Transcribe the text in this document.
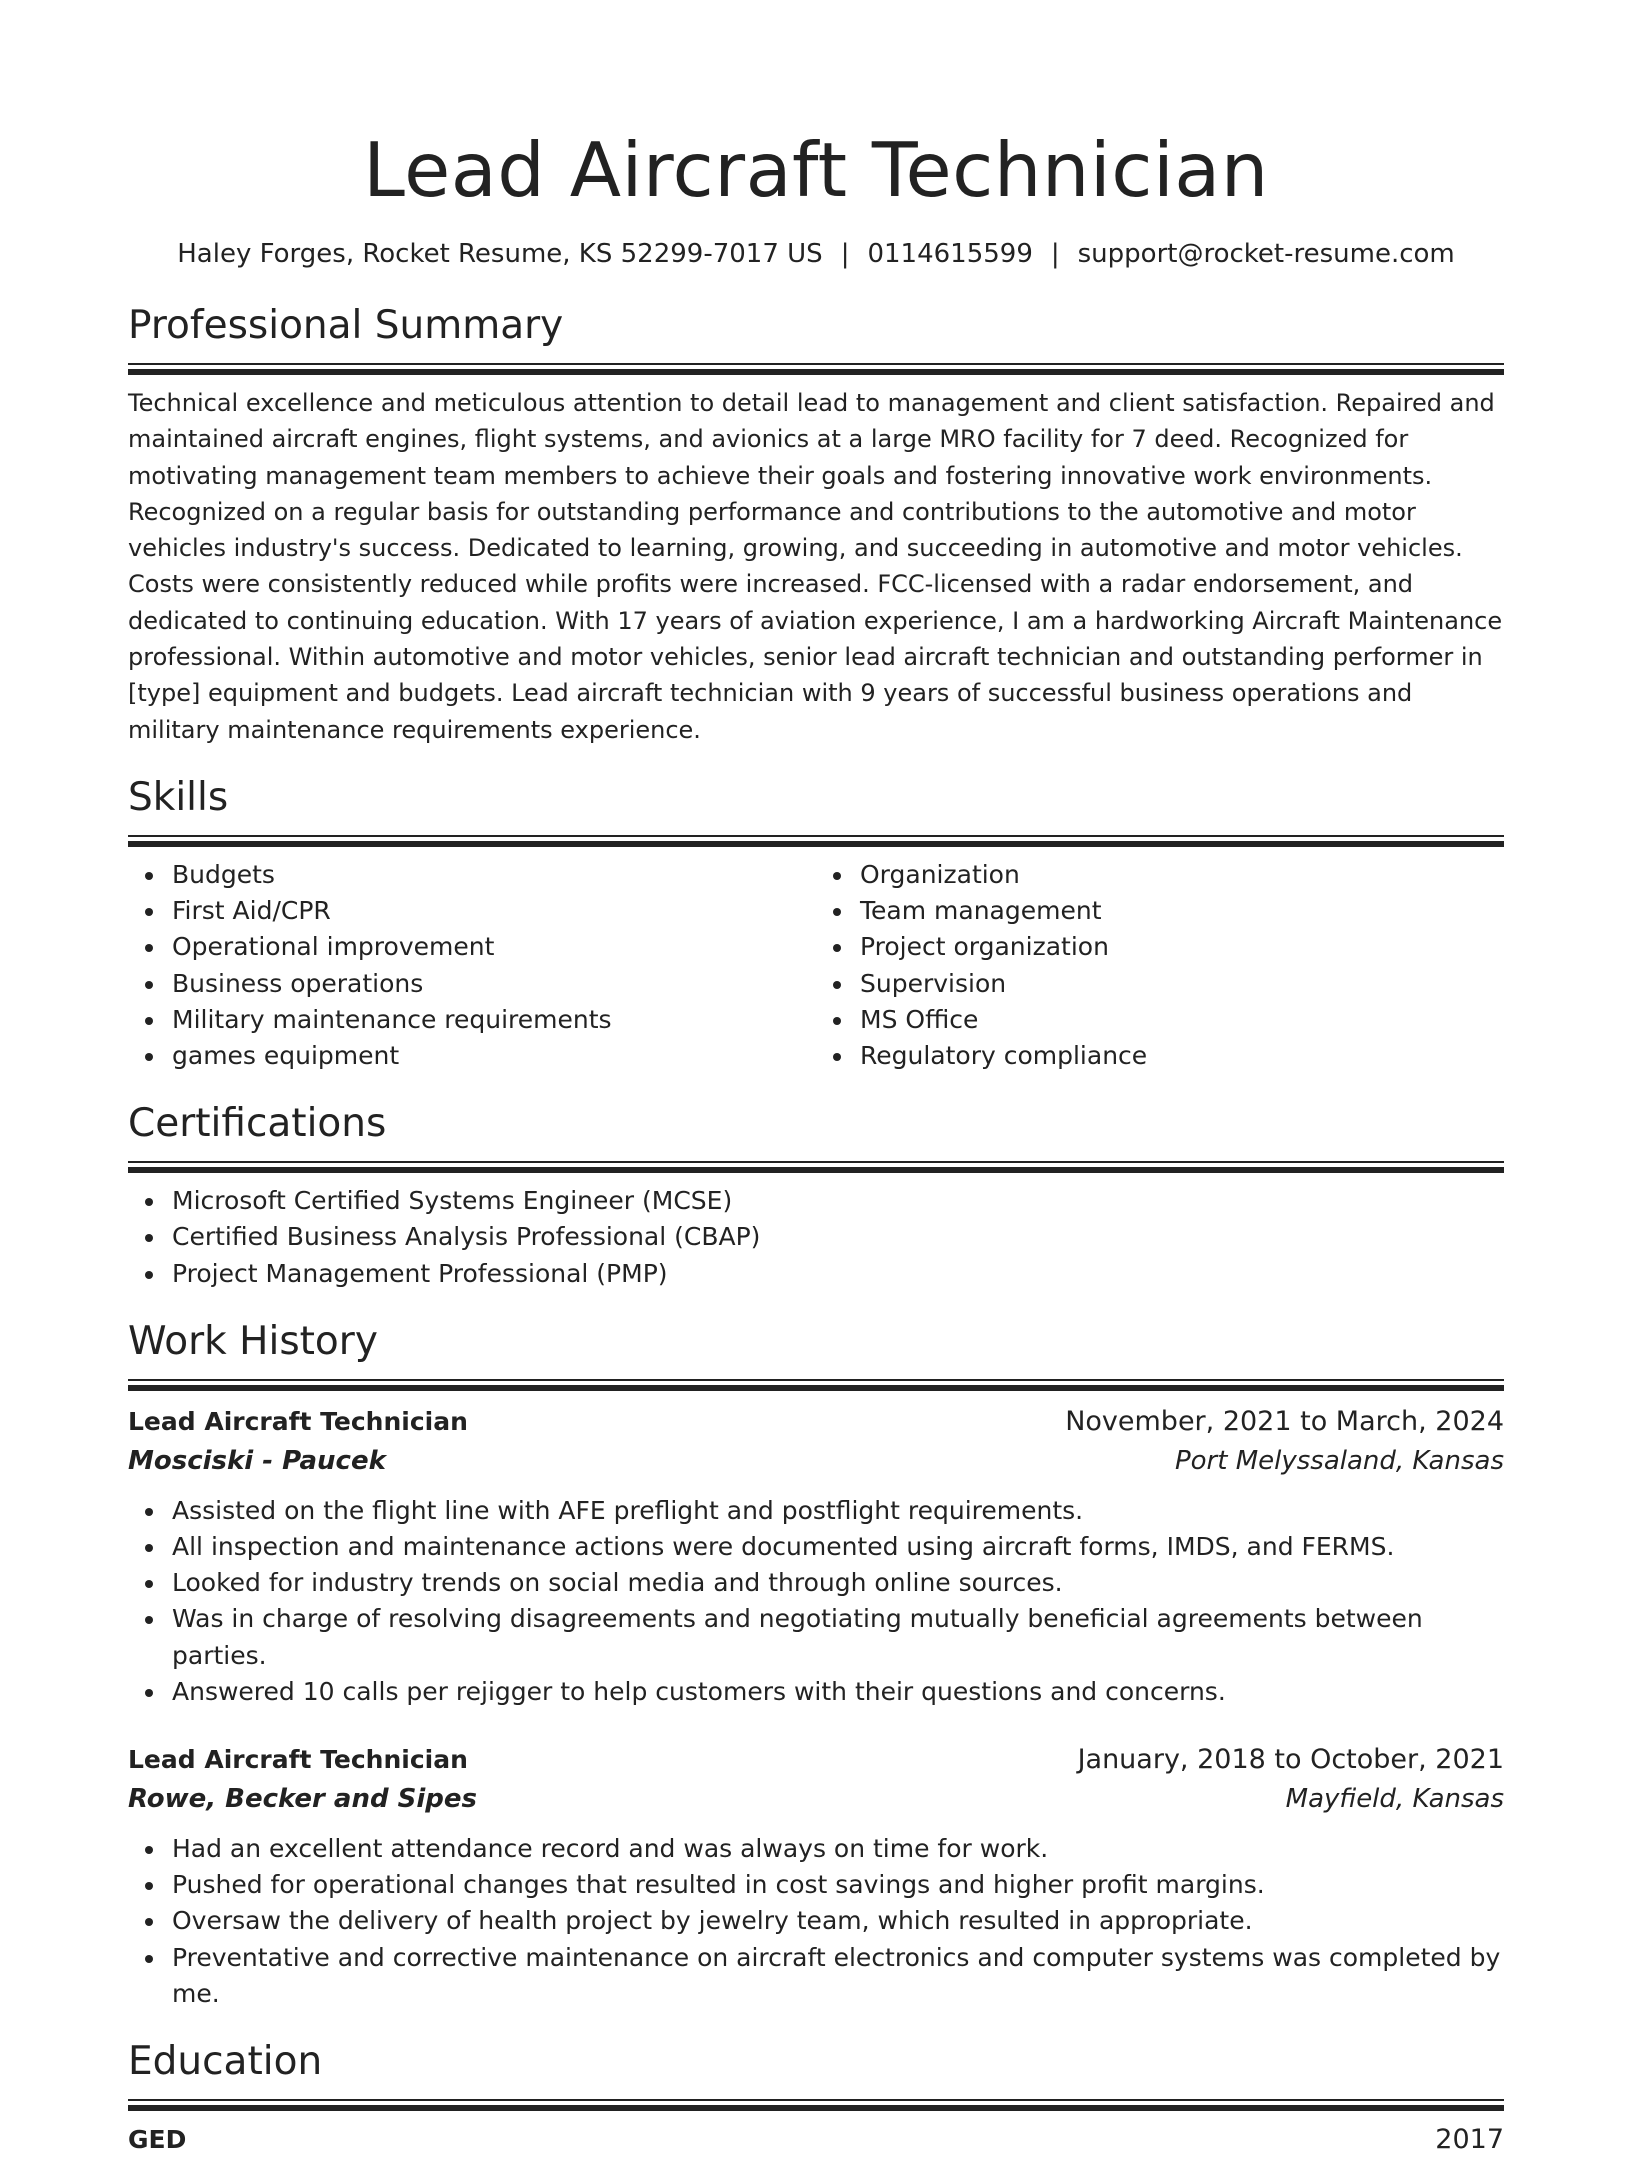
Lead Aircraft Technician
Haley Forges, Rocket Resume, KS 52299-7017 US | 0114615599 | support@rocket-resume.com
Professional Summary
Technical excellence and meticulous attention to detail lead to management and client satisfaction. Repaired and maintained aircraft engines, flight systems, and avionics at a large MRO facility for 7 deed. Recognized for motivating management team members to achieve their goals and fostering innovative work environments. Recognized on a regular basis for outstanding performance and contributions to the automotive and motor vehicles industry's success. Dedicated to learning, growing, and succeeding in automotive and motor vehicles. Costs were consistently reduced while profits were increased. FCC-licensed with a radar endorsement, and dedicated to continuing education. With 17 years of aviation experience, I am a hardworking Aircraft Maintenance professional. Within automotive and motor vehicles, senior lead aircraft technician and outstanding performer in [type] equipment and budgets. Lead aircraft technician with 9 years of successful business operations and military maintenance requirements experience.
Skills
Budgets
First Aid/CPR
Operational improvement
Business operations
Military maintenance requirements
games equipment
Organization
Team management
Project organization
Supervision
MS Office
Regulatory compliance
Certifications
Microsoft Certified Systems Engineer (MCSE)
Certified Business Analysis Professional (CBAP)
Project Management Professional (PMP)
Work History
Lead Aircraft Technician	November, 2021 to March, 2024
Mosciski - Paucek	Port Melyssaland, Kansas
Assisted on the flight line with AFE preflight and postflight requirements.
All inspection and maintenance actions were documented using aircraft forms, IMDS, and FERMS.
Looked for industry trends on social media and through online sources.
Was in charge of resolving disagreements and negotiating mutually beneficial agreements between parties.
Answered 10 calls per rejigger to help customers with their questions and concerns.
Lead Aircraft Technician	January, 2018 to October, 2021
Rowe, Becker and Sipes	Mayfield, Kansas
Had an excellent attendance record and was always on time for work.
Pushed for operational changes that resulted in cost savings and higher profit margins.
Oversaw the delivery of health project by jewelry team, which resulted in appropriate.
Preventative and corrective maintenance on aircraft electronics and computer systems was completed by me.
Education
GED	2017
